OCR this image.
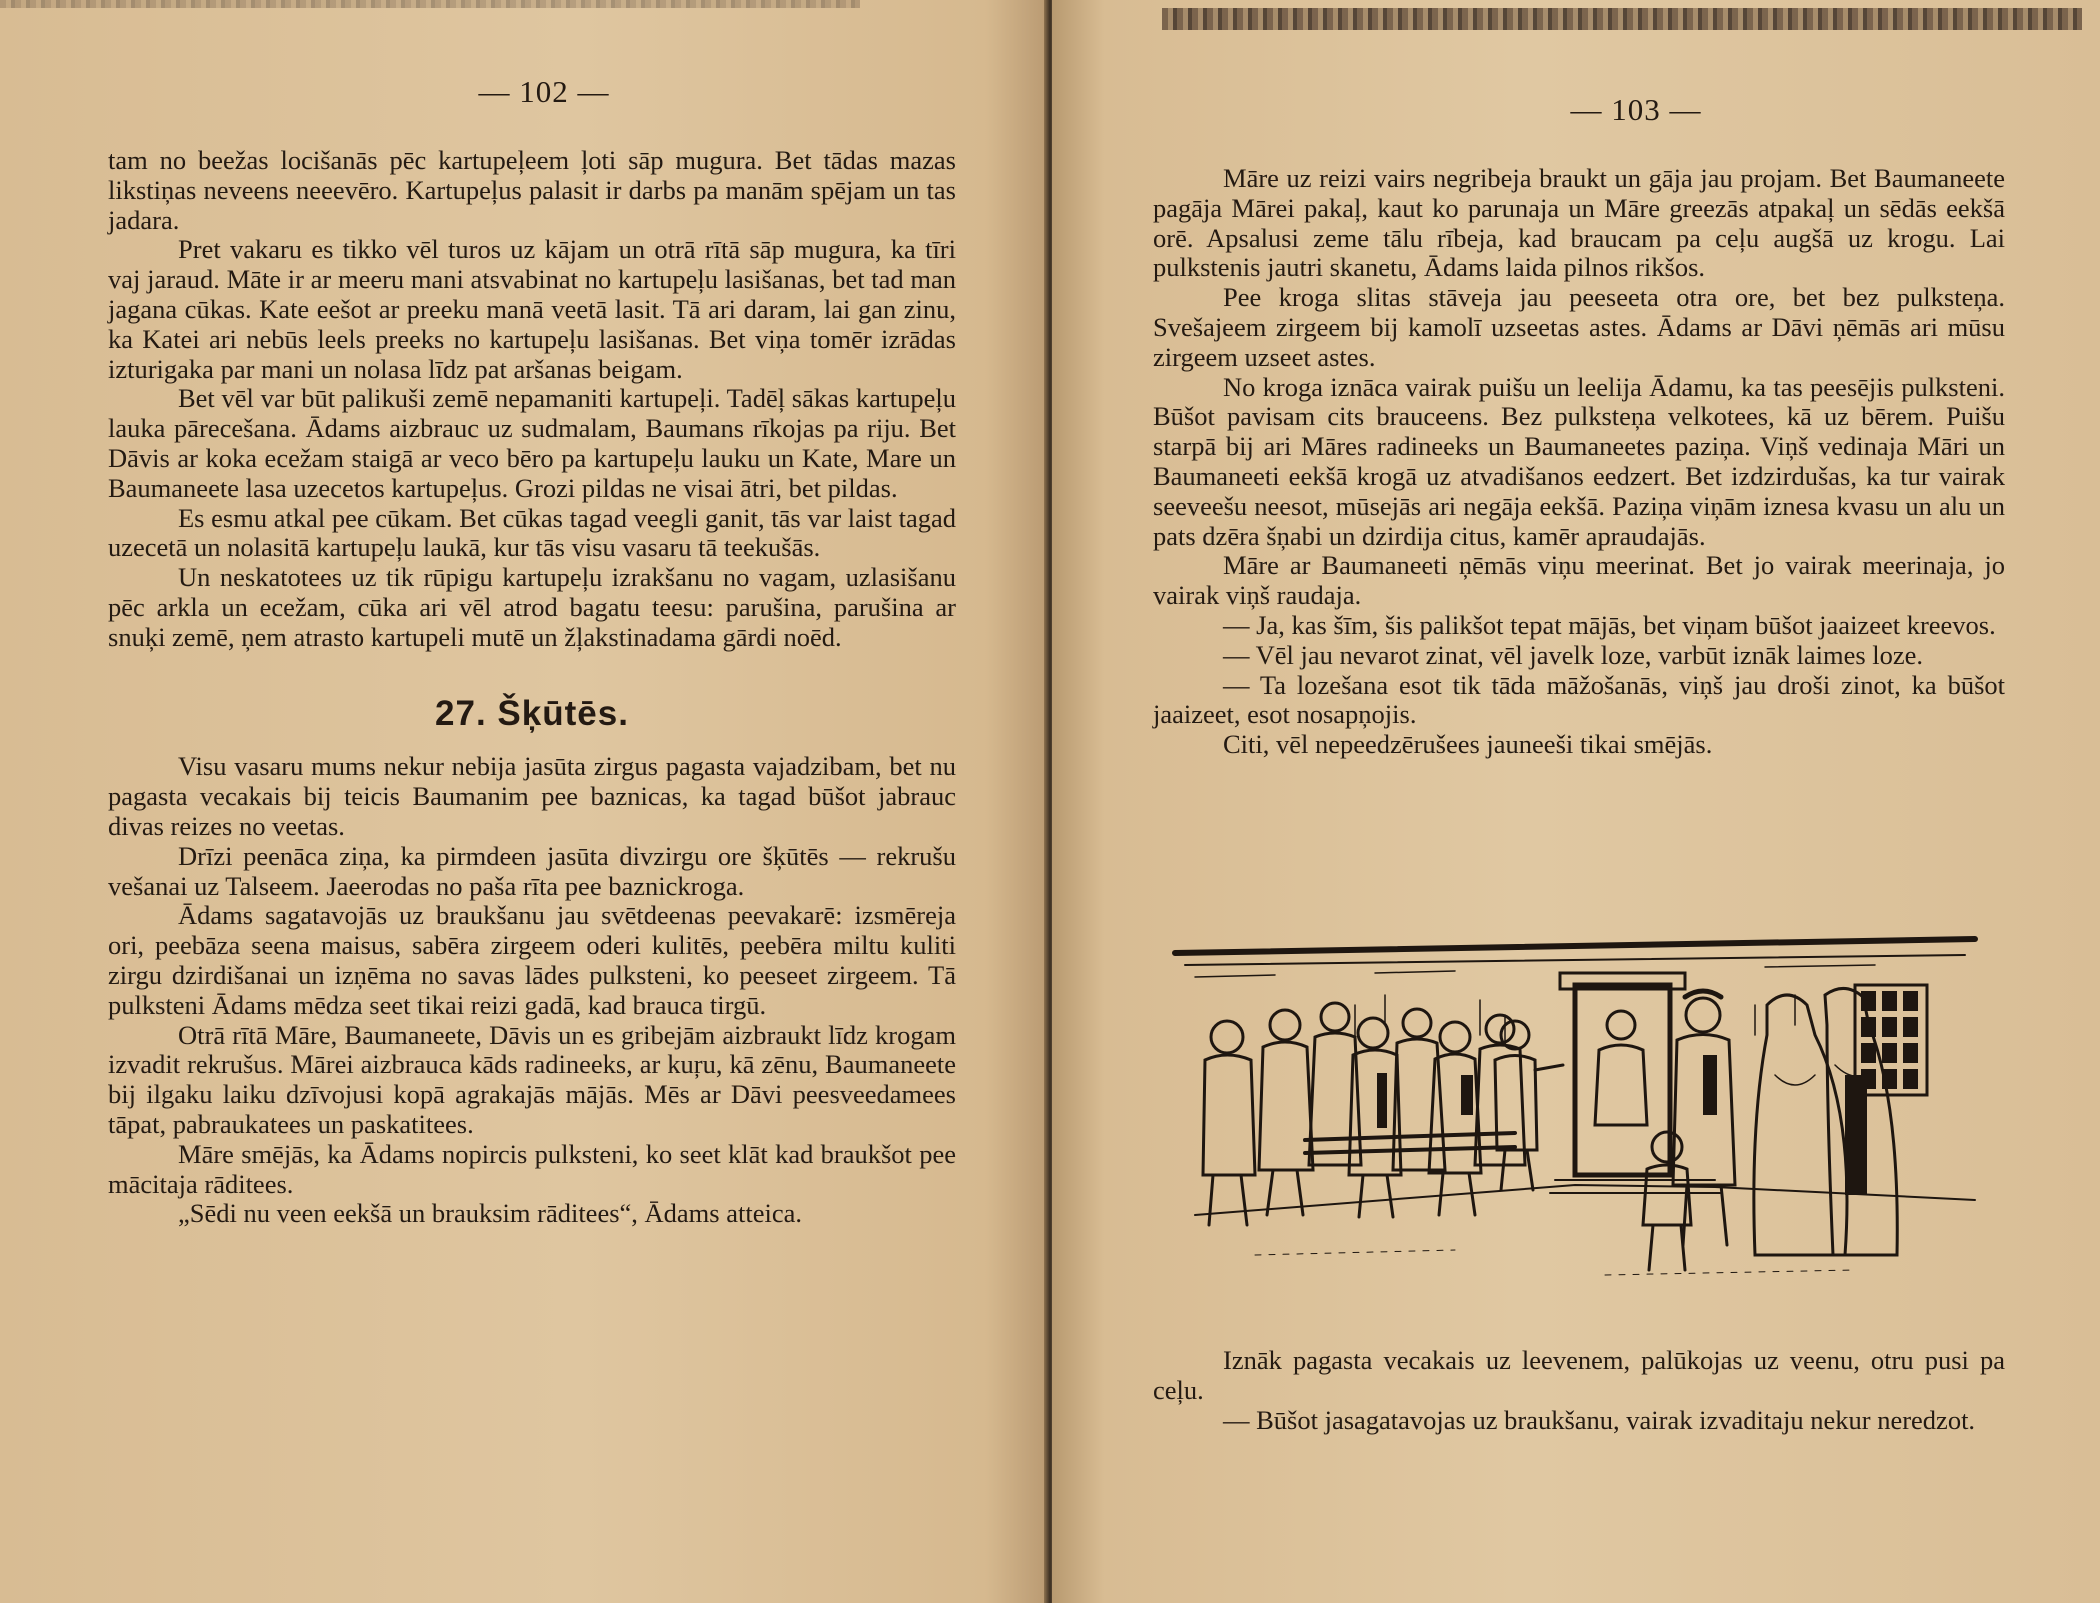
— 102 —

tam no beežas locišanās pēc kartupeļeem ļoti sāp mugura. Bet tādas mazas likstiņas neveens neeevēro. Kartupeļus palasit ir darbs pa manām spējam un tas jadara.

Pret vakaru es tikko vēl turos uz kājam un otrā rītā sāp mugura, ka tīri vaj jaraud. Māte ir ar meeru mani atsvabinat no kartupeļu lasišanas, bet tad man jagana cūkas. Kate eešot ar preeku manā veetā lasit. Tā ari daram, lai gan zinu, ka Katei ari nebūs leels preeks no kartupeļu lasišanas. Bet viņa tomēr izrādas izturigaka par mani un nolasa līdz pat aršanas beigam.

Bet vēl var būt palikuši zemē nepamaniti kartupeļi. Tadēļ sākas kartupeļu lauka pārecešana. Ādams aizbrauc uz sudmalam, Baumans rīkojas pa riju. Bet Dāvis ar koka ecežam staigā ar veco bēro pa kartupeļu lauku un Kate, Mare un Baumaneete lasa uzecetos kartupeļus. Grozi pildas ne visai ātri, bet pildas.

Es esmu atkal pee cūkam. Bet cūkas tagad veegli ganit, tās var laist tagad uzecetā un nolasitā kartupeļu laukā, kur tās visu vasaru tā teekušās.

Un neskatotees uz tik rūpigu kartupeļu izrakšanu no vagam, uzlasišanu pēc arkla un ecežam, cūka ari vēl atrod bagatu teesu: parušina, parušina ar snuķi zemē, ņem atrasto kartupeli mutē un žļakstinadama gārdi noēd.

27. Šķūtēs.

Visu vasaru mums nekur nebija jasūta zirgus pagasta vajadzibam, bet nu pagasta vecakais bij teicis Baumanim pee baznicas, ka tagad būšot jabrauc divas reizes no veetas.

Drīzi peenāca ziņa, ka pirmdeen jasūta divzirgu ore šķūtēs — rekrušu vešanai uz Talseem. Jaeerodas no paša rīta pee baznickroga.

Ādams sagatavojās uz braukšanu jau svētdeenas peevakarē: izsmēreja ori, peebāza seena maisus, sabēra zirgeem oderi kulitēs, peebēra miltu kuliti zirgu dzirdišanai un izņēma no savas lādes pulksteni, ko peeseet zirgeem. Tā pulksteni Ādams mēdza seet tikai reizi gadā, kad brauca tirgū.

Otrā rītā Māre, Baumaneete, Dāvis un es gribejām aizbraukt līdz krogam izvadit rekrušus. Mārei aizbrauca kāds radineeks, ar kuŗu, kā zēnu, Baumaneete bij ilgaku laiku dzīvojusi kopā agrakajās mājās. Mēs ar Dāvi peesveedamees tāpat, pabraukatees un paskatitees.

Māre smējās, ka Ādams nopircis pulksteni, ko seet klāt kad braukšot pee mācitaja rāditees.

„Sēdi nu veen eekšā un brauksim rāditees“, Ādams atteica.

— 103 —

Māre uz reizi vairs negribeja braukt un gāja jau projam. Bet Baumaneete pagāja Mārei pakaļ, kaut ko parunaja un Māre greezās atpakaļ un sēdās eekšā orē. Apsalusi zeme tālu rībeja, kad braucam pa ceļu augšā uz krogu. Lai pulkstenis jautri skanetu, Ādams laida pilnos rikšos.

Pee kroga slitas stāveja jau peeseeta otra ore, bet bez pulksteņa. Svešajeem zirgeem bij kamolī uzseetas astes. Ādams ar Dāvi ņēmās ari mūsu zirgeem uzseet astes.

No kroga iznāca vairak puišu un leelija Ādamu, ka tas peesējis pulksteni. Būšot pavisam cits brauceens. Bez pulksteņa velkotees, kā uz bērem. Puišu starpā bij ari Māres radineeks un Baumaneetes paziņa. Viņš vedinaja Māri un Baumaneeti eekšā krogā uz atvadišanos eedzert. Bet izdzirdušas, ka tur vairak seeveešu neesot, mūsejās ari negāja eekšā. Paziņa viņām iznesa kvasu un alu un pats dzēra šņabi un dzirdija citus, kamēr apraudajās.

Māre ar Baumaneeti ņēmās viņu meerinat. Bet jo vairak meerinaja, jo vairak viņš raudaja.

— Ja, kas šīm, šis palikšot tepat mājās, bet viņam būšot jaaizeet kreevos.

— Vēl jau nevarot zinat, vēl javelk loze, varbūt iznāk laimes loze.

— Ta lozešana esot tik tāda māžošanās, viņš jau droši zinot, ka būšot jaaizeet, esot nosapņojis.

Citi, vēl nepeedzērušees jauneeši tikai smējās.

Iznāk pagasta vecakais uz leevenem, palūkojas uz veenu, otru pusi pa ceļu.

— Būšot jasagatavojas uz braukšanu, vairak izvaditaju nekur neredzot.
